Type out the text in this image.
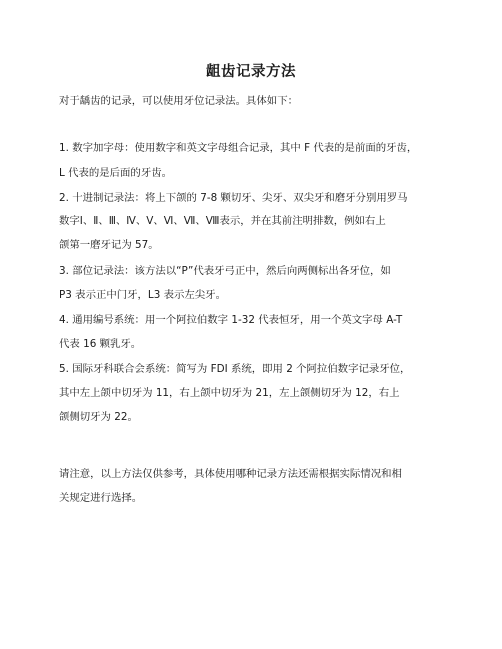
龃齿记录方法
对于龋齿的记录，可以使用牙位记录法。具体如下：
1. 数字加字母：使用数字和英文字母组合记录，其中 F 代表的是前面的牙齿，
L 代表的是后面的牙齿。
2. 十进制记录法：将上下颌的 7-8 颗切牙、尖牙、双尖牙和磨牙分别用罗马
数字Ⅰ、Ⅱ、Ⅲ、Ⅳ、Ⅴ、Ⅵ、Ⅶ、Ⅷ表示，并在其前注明排数，例如右上
颌第一磨牙记为 57。
3. 部位记录法：该方法以“P”代表牙弓正中，然后向两侧标出各牙位，如
P3 表示正中门牙，L3 表示左尖牙。
4. 通用编号系统：用一个阿拉伯数字 1-32 代表恒牙，用一个英文字母 A-T
代表 16 颗乳牙。
5. 国际牙科联合会系统：简写为 FDI 系统，即用 2 个阿拉伯数字记录牙位，
其中左上颌中切牙为 11，右上颌中切牙为 21，左上颌侧切牙为 12，右上
颌侧切牙为 22。
请注意，以上方法仅供参考，具体使用哪种记录方法还需根据实际情况和相
关规定进行选择。
